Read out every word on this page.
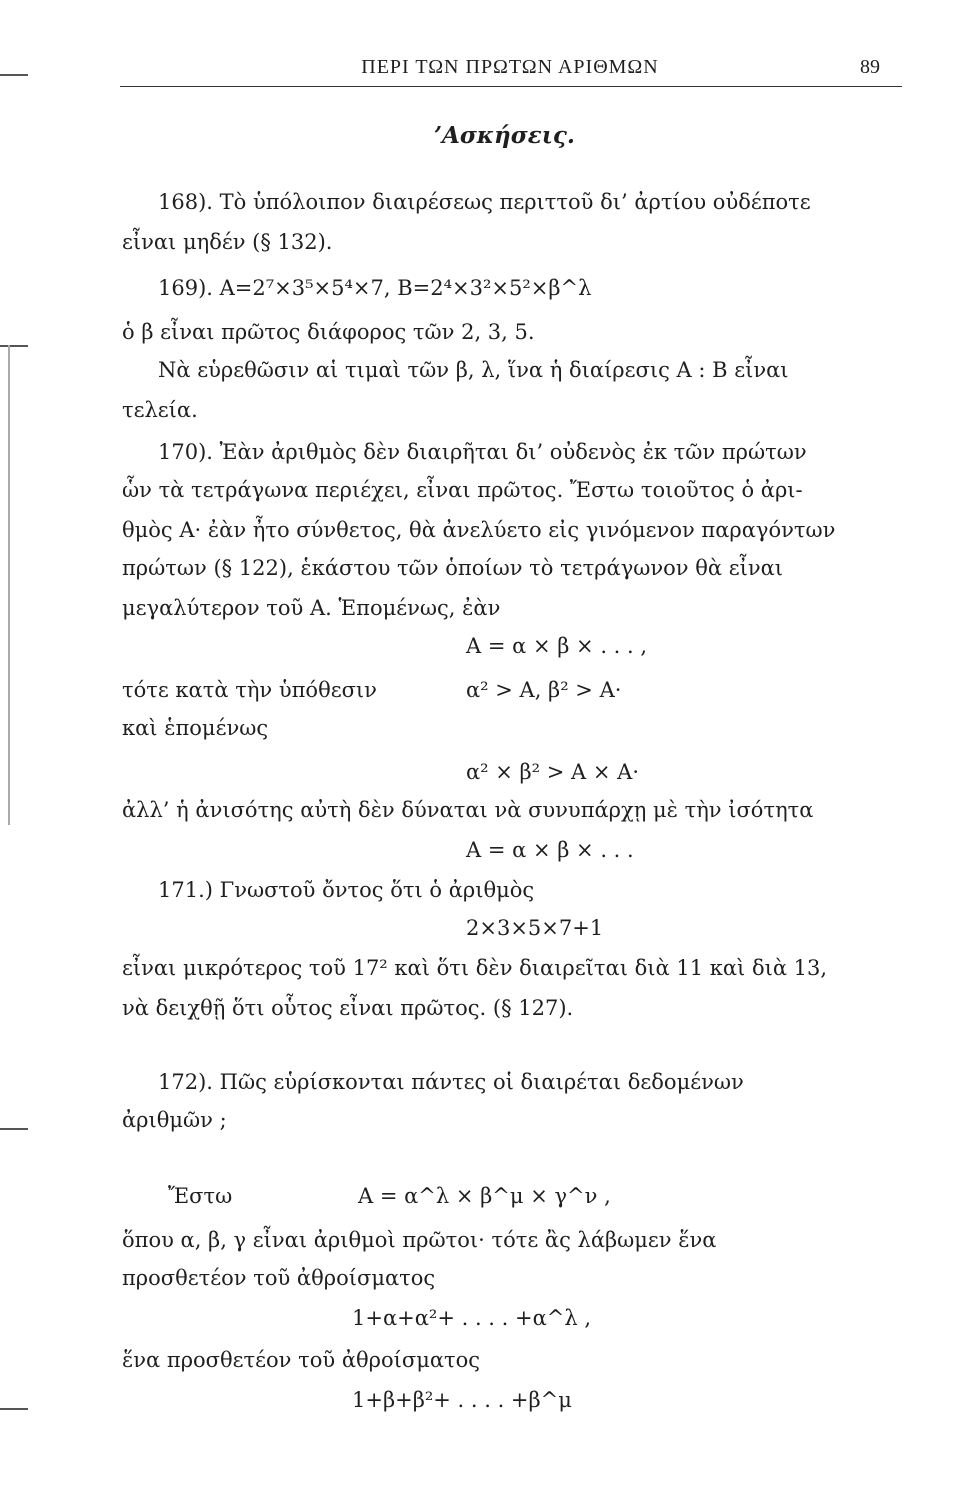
ΠΕΡΙ ΤΩΝ ΠΡΩΤΩΝ ΑΡΙΘΜΩΝ	89
’Ασκήσεις.
168). Τὸ ὑπόλοιπον διαιρέσεως περιττοῦ δι’ ἀρτίου οὐδέποτε
εἶναι μηδέν (§ 132).
169). A=2⁷×3⁵×5⁴×7, B=2⁴×3²×5²×β^λ
ὁ β εἶναι πρῶτος διάφορος τῶν 2, 3, 5.
Νὰ εὑρεθῶσιν αἱ τιμαὶ τῶν β, λ, ἵνα ἡ διαίρεσις A : B εἶναι
τελεία.
170). Ἐὰν ἀριθμὸς δὲν διαιρῆται δι’ οὐδενὸς ἐκ τῶν πρώτων
ὧν τὰ τετράγωνα περιέχει, εἶναι πρῶτος. Ἔστω τοιοῦτος ὁ ἀρι-
θμὸς A· ἐὰν ἦτο σύνθετος, θὰ ἀνελύετο εἰς γινόμενον παραγόντων
πρώτων (§ 122), ἑκάστου τῶν ὁποίων τὸ τετράγωνον θὰ εἶναι
μεγαλύτερον τοῦ A. Ἑπομένως, ἐὰν
A = α × β × . . . ,
τότε κατὰ τὴν ὑπόθεσιν	α² > A, β² > A·
καὶ ἑπομένως
α² × β² > A × A·
ἀλλ’ ἡ ἀνισότης αὐτὴ δὲν δύναται νὰ συνυπάρχῃ μὲ τὴν ἰσότητα
A = α × β × . . .
171.) Γνωστοῦ ὄντος ὅτι ὁ ἀριθμὸς
2×3×5×7+1
εἶναι μικρότερος τοῦ 17² καὶ ὅτι δὲν διαιρεῖται διὰ 11 καὶ διὰ 13,
νὰ δειχθῇ ὅτι οὗτος εἶναι πρῶτος. (§ 127).
172). Πῶς εὑρίσκονται πάντες οἱ διαιρέται δεδομένων
ἀριθμῶν ;
Ἔστω	A = α^λ × β^μ × γ^ν ,
ὅπου α, β, γ εἶναι ἀριθμοὶ πρῶτοι· τότε ἂς λάβωμεν ἕνα
προσθετέον τοῦ ἀθροίσματος
1+α+α²+ . . . . +α^λ ,
ἕνα προσθετέον τοῦ ἀθροίσματος
1+β+β²+ . . . . +β^μ
